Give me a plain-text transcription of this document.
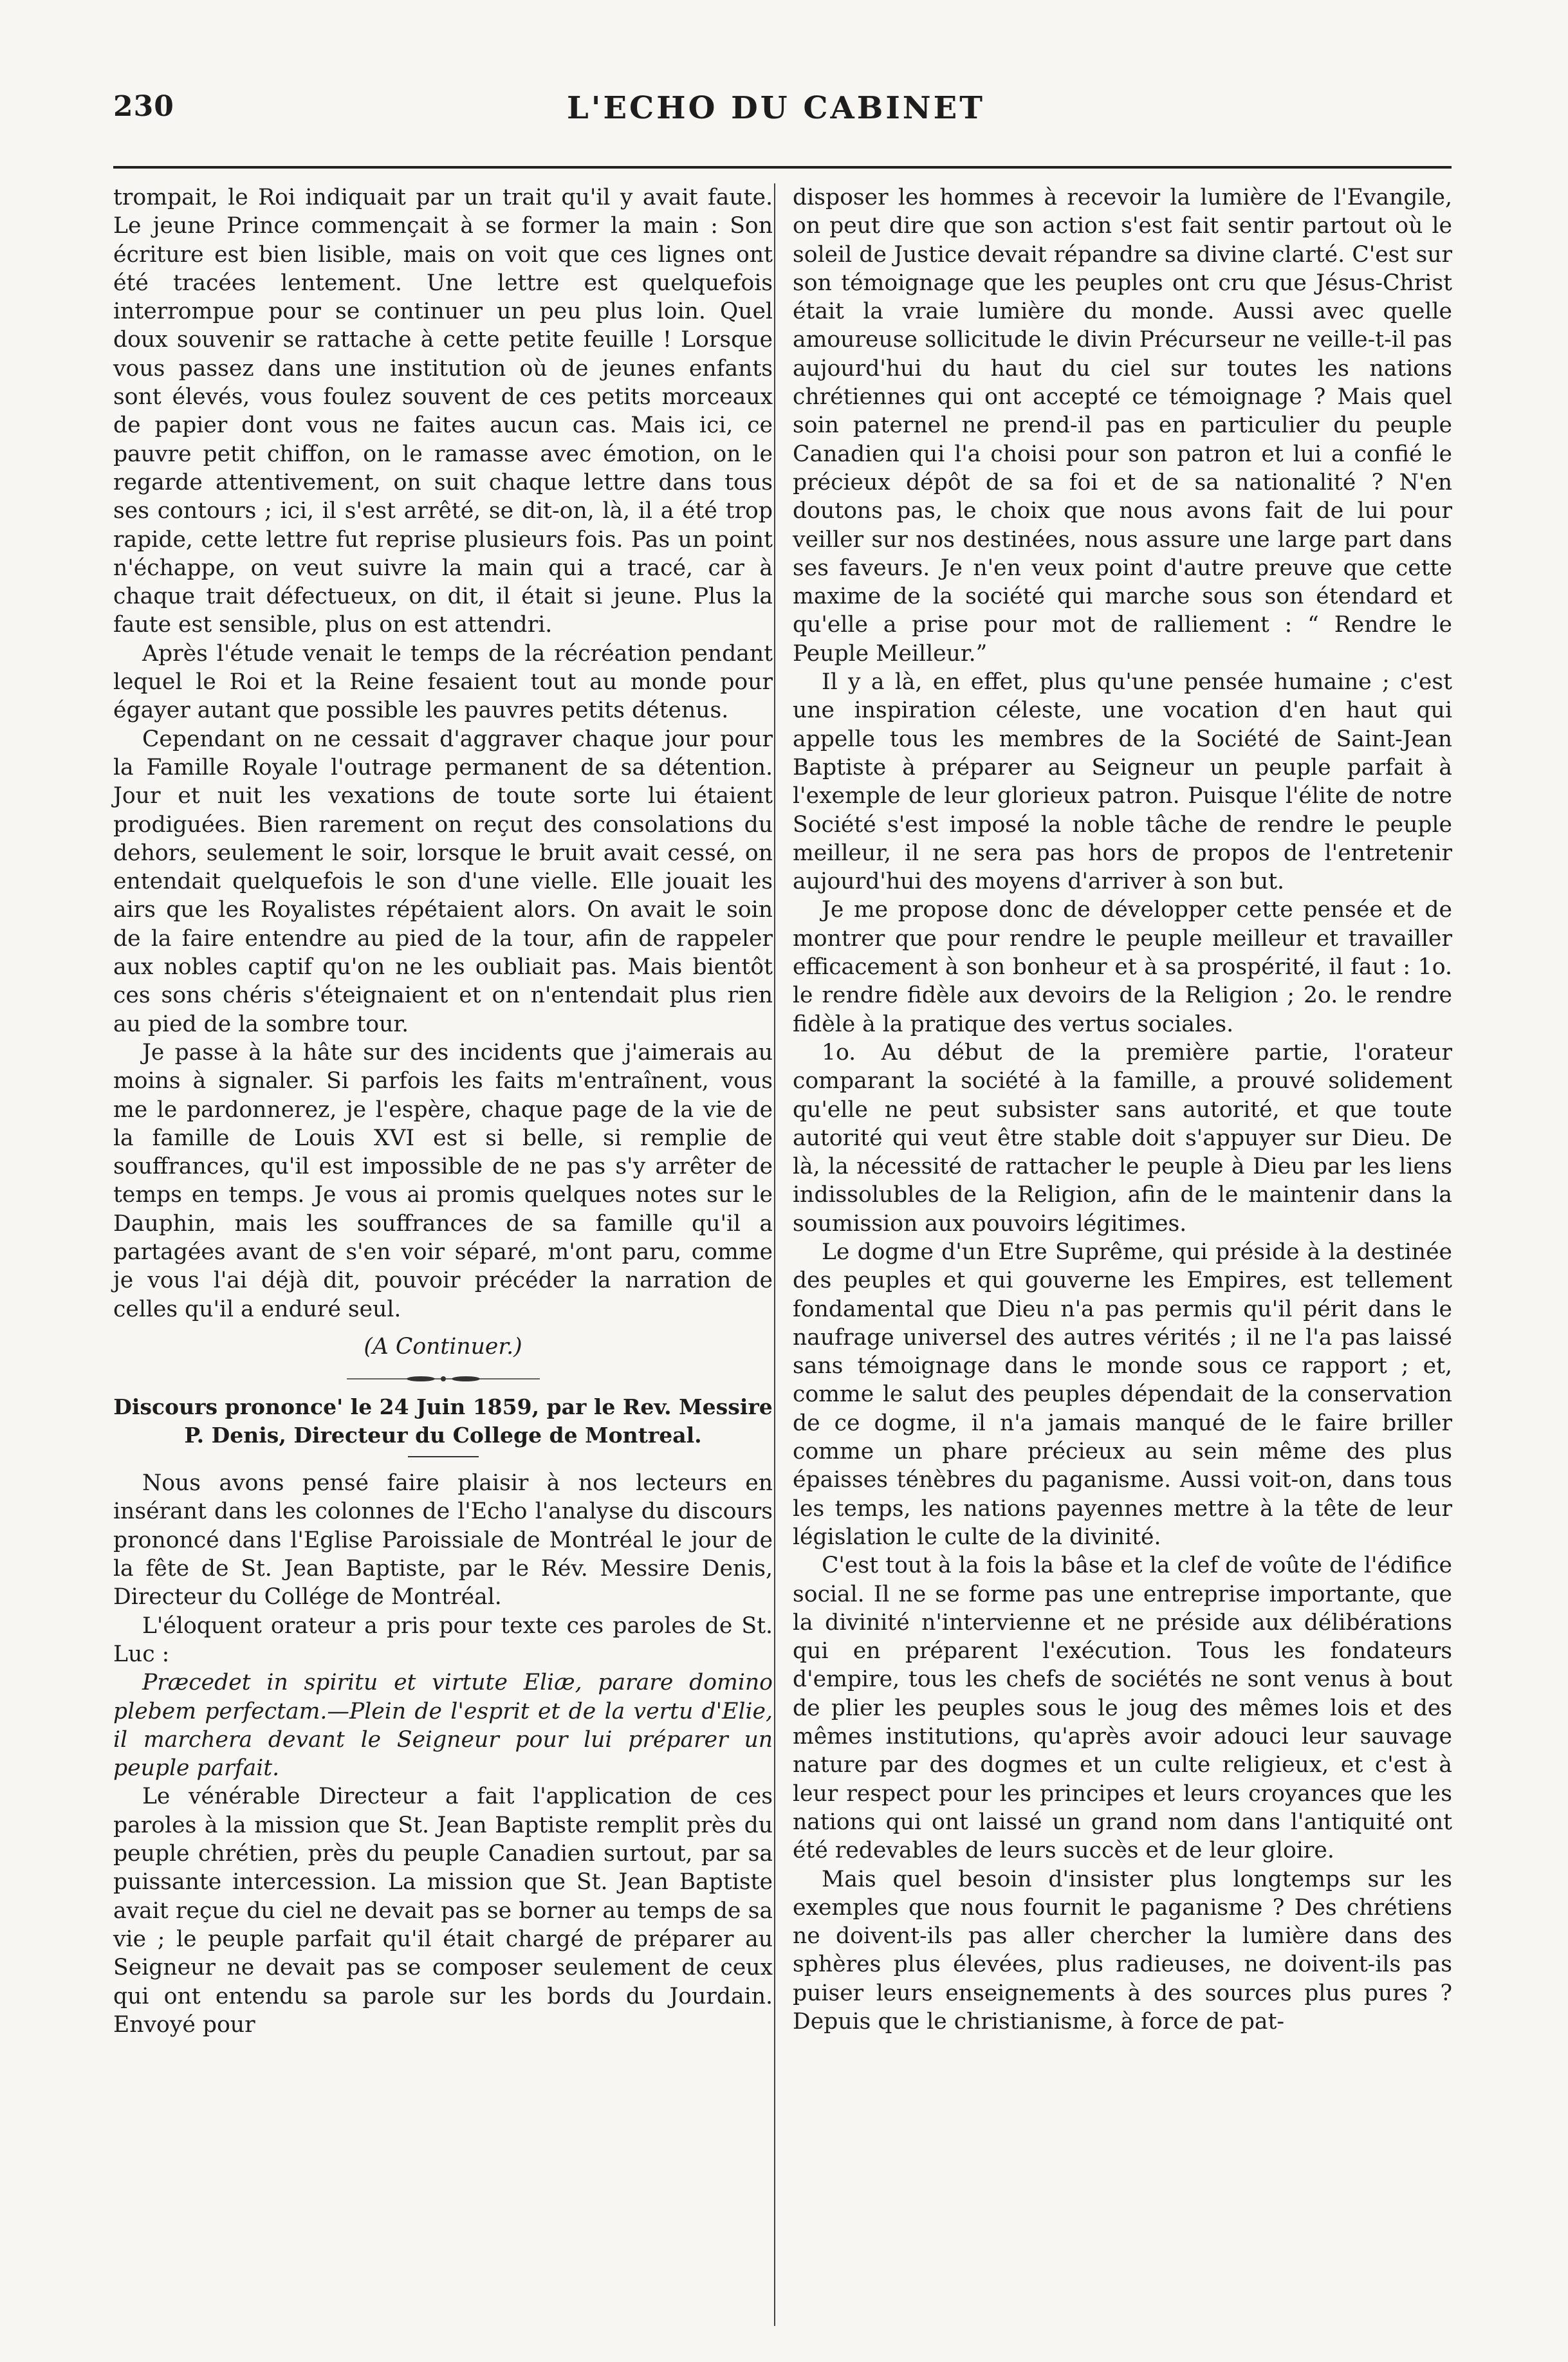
230	L'ECHO DU CABINET

trompait, le Roi indiquait par un trait qu'il y avait faute. Le jeune Prince commençait à se former la main : Son écriture est bien lisible, mais on voit que ces lignes ont été tracées lentement. Une lettre est quelquefois interrompue pour se continuer un peu plus loin. Quel doux souvenir se rattache à cette petite feuille ! Lorsque vous passez dans une institution où de jeunes enfants sont élevés, vous foulez souvent de ces petits morceaux de papier dont vous ne faites aucun cas. Mais ici, ce pauvre petit chiffon, on le ramasse avec émotion, on le regarde attentivement, on suit chaque lettre dans tous ses contours ; ici, il s'est arrêté, se dit-on, là, il a été trop rapide, cette lettre fut reprise plusieurs fois. Pas un point n'échappe, on veut suivre la main qui a tracé, car à chaque trait défectueux, on dit, il était si jeune. Plus la faute est sensible, plus on est attendri.

Après l'étude venait le temps de la récréation pendant lequel le Roi et la Reine fesaient tout au monde pour égayer autant que possible les pauvres petits détenus.

Cependant on ne cessait d'aggraver chaque jour pour la Famille Royale l'outrage permanent de sa détention. Jour et nuit les vexations de toute sorte lui étaient prodiguées. Bien rarement on reçut des consolations du dehors, seulement le soir, lorsque le bruit avait cessé, on entendait quelquefois le son d'une vielle. Elle jouait les airs que les Royalistes répétaient alors. On avait le soin de la faire entendre au pied de la tour, afin de rappeler aux nobles captif qu'on ne les oubliait pas. Mais bientôt ces sons chéris s'éteignaient et on n'entendait plus rien au pied de la sombre tour.

Je passe à la hâte sur des incidents que j'aimerais au moins à signaler. Si parfois les faits m'entraînent, vous me le pardonnerez, je l'espère, chaque page de la vie de la famille de Louis XVI est si belle, si remplie de souffrances, qu'il est impossible de ne pas s'y arrêter de temps en temps. Je vous ai promis quelques notes sur le Dauphin, mais les souffrances de sa famille qu'il a partagées avant de s'en voir séparé, m'ont paru, comme je vous l'ai déjà dit, pouvoir précéder la narration de celles qu'il a enduré seul.

(A Continuer.)

Discours prononce' le 24 Juin 1859, par le Rev. Messire
P. Denis, Directeur du College de Montreal.

Nous avons pensé faire plaisir à nos lecteurs en insérant dans les colonnes de l'Echo l'analyse du discours prononcé dans l'Eglise Paroissiale de Montréal le jour de la fête de St. Jean Baptiste, par le Rév. Messire Denis, Directeur du Collége de Montréal.

L'éloquent orateur a pris pour texte ces paroles de St. Luc :

Præcedet in spiritu et virtute Eliæ, parare domino plebem perfectam.—Plein de l'esprit et de la vertu d'Elie, il marchera devant le Seigneur pour lui préparer un peuple parfait.

Le vénérable Directeur a fait l'application de ces paroles à la mission que St. Jean Baptiste remplit près du peuple chrétien, près du peuple Canadien surtout, par sa puissante intercession. La mission que St. Jean Baptiste avait reçue du ciel ne devait pas se borner au temps de sa vie ; le peuple parfait qu'il était chargé de préparer au Seigneur ne devait pas se composer seulement de ceux qui ont entendu sa parole sur les bords du Jourdain. Envoyé pour

disposer les hommes à recevoir la lumière de l'Evangile, on peut dire que son action s'est fait sentir partout où le soleil de Justice devait répandre sa divine clarté. C'est sur son témoignage que les peuples ont cru que Jésus-Christ était la vraie lumière du monde. Aussi avec quelle amoureuse sollicitude le divin Précurseur ne veille-t-il pas aujourd'hui du haut du ciel sur toutes les nations chrétiennes qui ont accepté ce témoignage ? Mais quel soin paternel ne prend-il pas en particulier du peuple Canadien qui l'a choisi pour son patron et lui a confié le précieux dépôt de sa foi et de sa nationalité ? N'en doutons pas, le choix que nous avons fait de lui pour veiller sur nos destinées, nous assure une large part dans ses faveurs. Je n'en veux point d'autre preuve que cette maxime de la société qui marche sous son étendard et qu'elle a prise pour mot de ralliement : “ Rendre le Peuple Meilleur.”

Il y a là, en effet, plus qu'une pensée humaine ; c'est une inspiration céleste, une vocation d'en haut qui appelle tous les membres de la Société de Saint-Jean Baptiste à préparer au Seigneur un peuple parfait à l'exemple de leur glorieux patron. Puisque l'élite de notre Société s'est imposé la noble tâche de rendre le peuple meilleur, il ne sera pas hors de propos de l'entretenir aujourd'hui des moyens d'arriver à son but.

Je me propose donc de développer cette pensée et de montrer que pour rendre le peuple meilleur et travailler efficacement à son bonheur et à sa prospérité, il faut : 1o. le rendre fidèle aux devoirs de la Religion ; 2o. le rendre fidèle à la pratique des vertus sociales.

1o. Au début de la première partie, l'orateur comparant la société à la famille, a prouvé solidement qu'elle ne peut subsister sans autorité, et que toute autorité qui veut être stable doit s'appuyer sur Dieu. De là, la nécessité de rattacher le peuple à Dieu par les liens indissolubles de la Religion, afin de le maintenir dans la soumission aux pouvoirs légitimes.

Le dogme d'un Etre Suprême, qui préside à la destinée des peuples et qui gouverne les Empires, est tellement fondamental que Dieu n'a pas permis qu'il périt dans le naufrage universel des autres vérités ; il ne l'a pas laissé sans témoignage dans le monde sous ce rapport ; et, comme le salut des peuples dépendait de la conservation de ce dogme, il n'a jamais manqué de le faire briller comme un phare précieux au sein même des plus épaisses ténèbres du paganisme. Aussi voit-on, dans tous les temps, les nations payennes mettre à la tête de leur législation le culte de la divinité.

C'est tout à la fois la bâse et la clef de voûte de l'édifice social. Il ne se forme pas une entreprise importante, que la divinité n'intervienne et ne préside aux délibérations qui en préparent l'exécution. Tous les fondateurs d'empire, tous les chefs de sociétés ne sont venus à bout de plier les peuples sous le joug des mêmes lois et des mêmes institutions, qu'après avoir adouci leur sauvage nature par des dogmes et un culte religieux, et c'est à leur respect pour les principes et leurs croyances que les nations qui ont laissé un grand nom dans l'antiquité ont été redevables de leurs succès et de leur gloire.

Mais quel besoin d'insister plus longtemps sur les exemples que nous fournit le paganisme ? Des chrétiens ne doivent-ils pas aller chercher la lumière dans des sphères plus élevées, plus radieuses, ne doivent-ils pas puiser leurs enseignements à des sources plus pures ? Depuis que le christianisme, à force de pat-
